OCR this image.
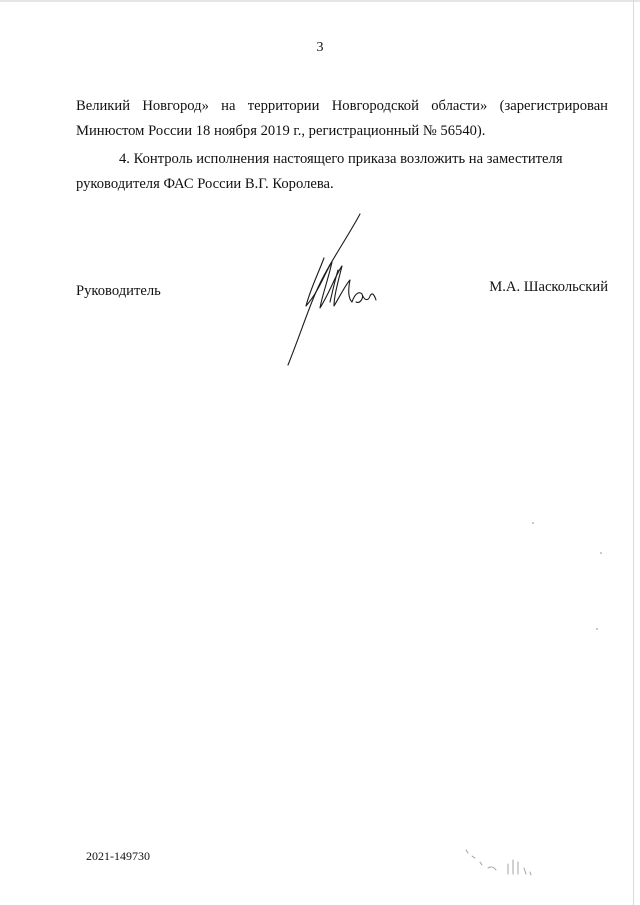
3

Великий Новгород» на территории Новгородской области» (зарегистрирован
Минюстом России 18 ноября 2019 г., регистрационный № 56540).

4. Контроль исполнения настоящего приказа возложить на заместителя
руководителя ФАС России В.Г. Королева.

Руководитель	М.А. Шаскольский
2021-149730
